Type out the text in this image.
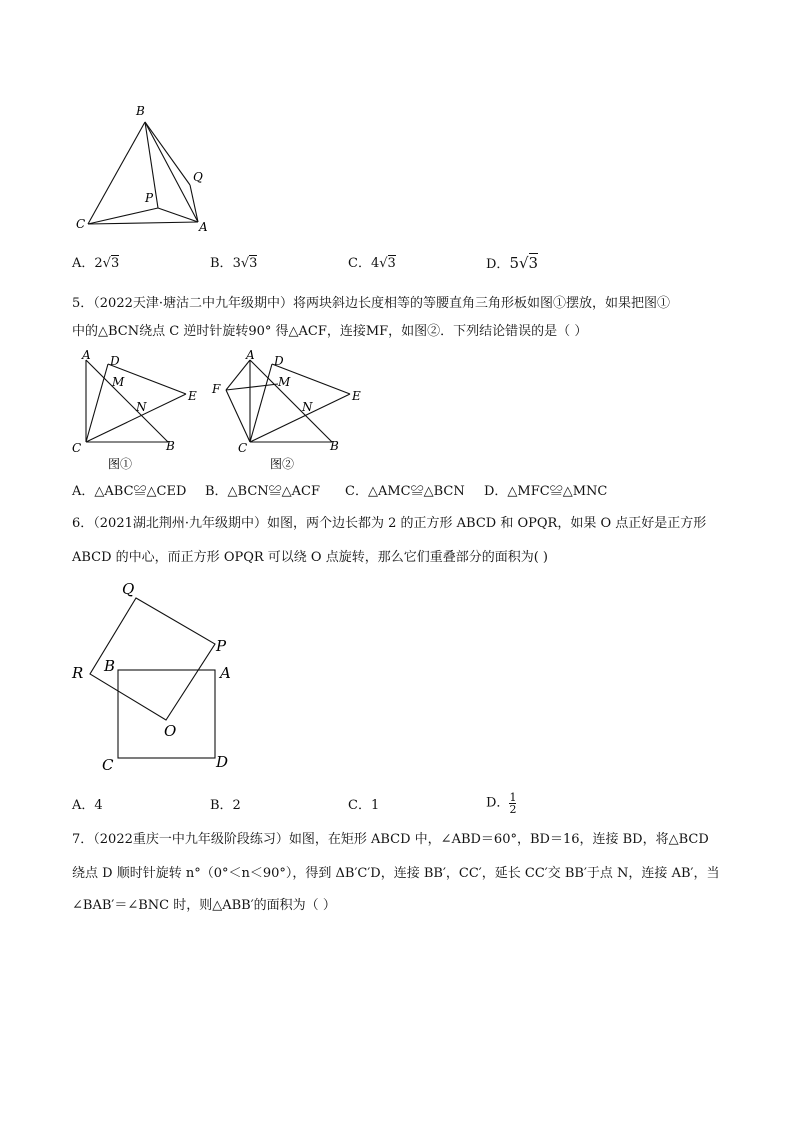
B
Q
P
C	A
A．2√3	B．3√3	C．4√3	D．5√3
5．（2022天津·塘沽二中九年级期中）将两块斜边长度相等的等腰直角三角形板如图①摆放，如果把图①
中的△BCN绕点 C 逆时针旋转90° 得△ACF，连接MF，如图②．下列结论错误的是（ ）
A D
M
N
E
C	B
图①
A D
M
N
E
F
C	B
图②
A．△ABC≌△CED B．△BCN≌△ACF C．△AMC≌△BCN D．△MFC≌△MNC
6．（2021湖北荆州·九年级期中）如图，两个边长都为 2 的正方形 ABCD 和 OPQR，如果 O 点正好是正方形
ABCD 的中心，而正方形 OPQR 可以绕 O 点旋转，那么它们重叠部分的面积为( )
Q
P
R B	A
O
C	D
A．4	B．2	C．1	D． $\frac{1}{2}$
7．（2022重庆一中九年级阶段练习）如图，在矩形 ABCD 中，∠ABD＝60°，BD＝16，连接 BD，将△BCD
绕点 D 顺时针旋转 n°（0°＜n＜90°），得到 ΔB′C′D，连接 BB′，CC′，延长 CC′交 BB′于点 N，连接 AB′，当
∠BAB′＝∠BNC 时，则△ABB′的面积为（ ）
